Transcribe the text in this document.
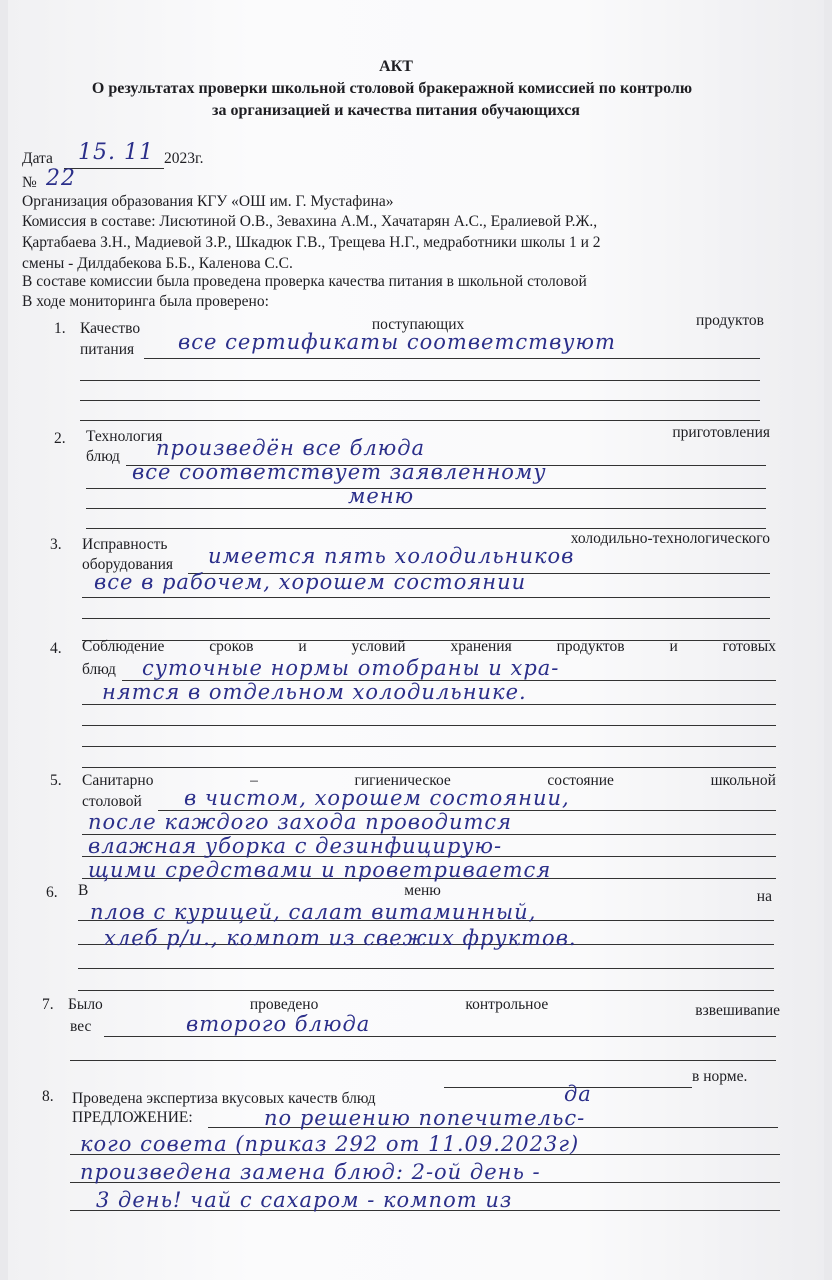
АКТ
О результатах проверки школьной столовой бракеражной комиссией по контролю
за организацией и качества питания обучающихся
Дата 15. 11 2023г.
№ 22
Организация образования КГУ «ОШ им. Г. Мустафина»
Комиссия в составе: Лисютиной О.В., Зевахина А.М., Хачатарян А.С., Ералиевой Р.Ж.,
Қартабаева З.Н., Мадиевой З.Р., Шкадюк Г.В., Трещева Н.Г., медработники школы 1 и 2
смены - Дилдабекова Б.Б., Каленова С.С.
В составе комиссии была проведена проверка качества питания в школьной столовой
В ходе мониторинга была проверено:
1. Качество	поступающих	продуктов
питания все сертификаты соответствуют
2. Технология	приготовления
блюд произведён все блюда
все соответствует заявленному
меню
3. Исправность	холодильно-технологического
оборудования имеется пять холодильников
все в рабочем, хорошем состоянии
4. Соблюдение	сроков	и	условий	хранения	продуктов	и	готовых
блюд суточные нормы отобраны и хра-
нятся в отдельном холодильнике.
5. Санитарно	–	гигиеническое	состояние	школьной
столовой в чистом, хорошем состоянии,
после каждого захода проводится
влажная уборка с дезинфицирую-
щими средствами и проветривается
6. В	меню	на
плов с курицей, салат витаминный,
хлеб р/и., компот из свежих фруктов.
7. Было	проведено	контрольное	взвешиваnие
вес	второго блюда
8. Проведена экспертиза вкусовых качеств блюд	да
в норме.
ПРЕДЛОЖЕНИЕ:	по решению попечительс-
кого совета (приказ 292 от 11.09.2023г)
произведена замена блюд: 2-ой день -
3 день! чай с сахаром - компот из
